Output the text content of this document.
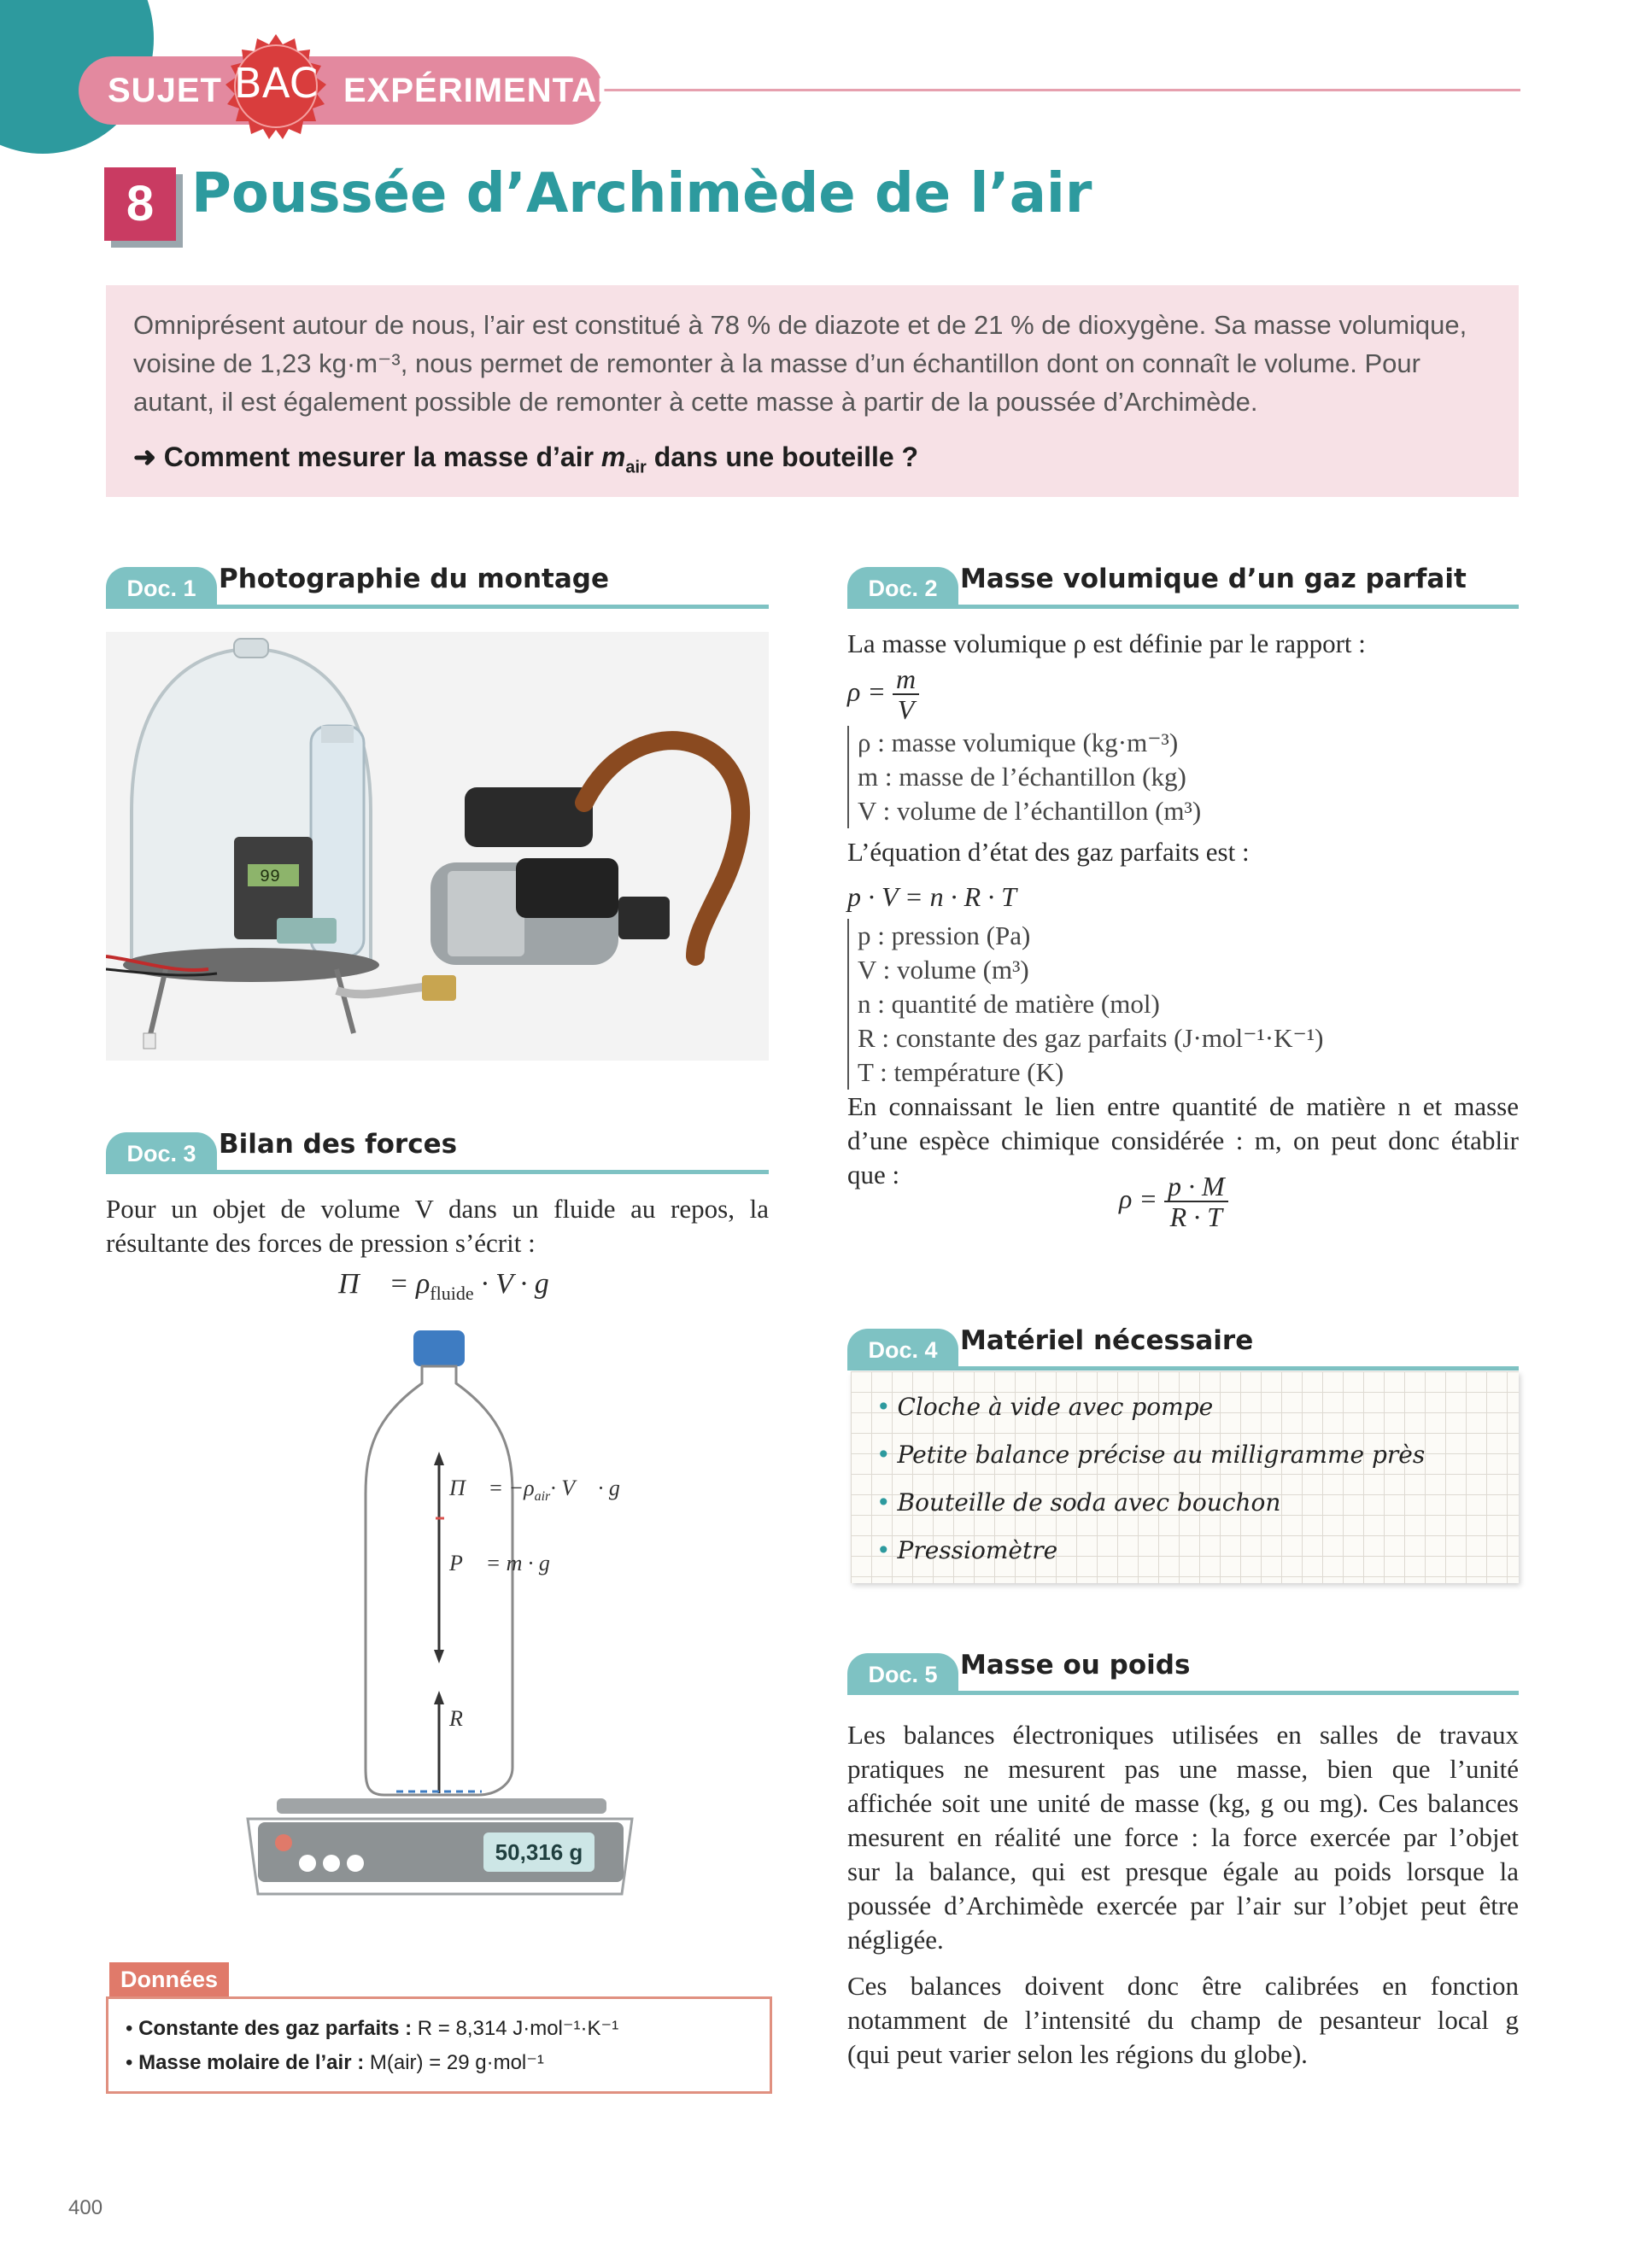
SUJET	EXPÉRIMENTAL
BAC
8 Poussée d’Archimède de l’air

Omniprésent autour de nous, l’air est constitué à 78 % de diazote et de 21 % de dioxygène. Sa masse volumique,

voisine de 1,23 kg·m⁻³, nous permet de remonter à la masse d’un échantillon dont on connaît le volume. Pour

autant, il est également possible de remonter à cette masse à partir de la poussée d’Archimède.

➜ Comment mesurer la masse d’air $m_{air}$ dans une bouteille ?
Doc. 1 Photographie du montage
99
Doc. 3 Bilan des forces

Pour un objet de volume V dans un fluide au repos, la

résultante des forces de pression s’écrit :

Π⃗ = $\rho_{fluide} \cdot V$ · g⃗
Π⃗ = $-\rho_{air}\cdot$ V⃗ · g
P⃗ = m · g⃗
R⃗
50,316 g
Données
• Constante des gaz parfaits : R = 8,314 J·mol⁻¹·K⁻¹
• Masse molaire de l’air : M(air) = 29 g·mol⁻¹
Doc. 2 Masse volumique d’un gaz parfait

La masse volumique ρ est définie par le rapport :

$\rho = \frac{m}{V}$
ρ : masse volumique (kg·m⁻³)
m : masse de l’échantillon (kg)
V : volume de l’échantillon (m³)

L’équation d’état des gaz parfaits est :

p · V = n · R · T

p : pression (Pa)
V : volume (m³)
n : quantité de matière (mol)
R : constante des gaz parfaits (J·mol⁻¹·K⁻¹)
T : température (K)

En connaissant le lien entre quantité de matière n et masse

d’une espèce chimique considérée : m, on peut donc établir

que :

$\rho = \frac{p \cdot M}{R \cdot T}$
Doc. 4 Matériel nécessaire
• Cloche à vide avec pompe
• Petite balance précise au milligramme près
• Bouteille de soda avec bouchon
• Pressiomètre
Doc. 5 Masse ou poids

Les balances électroniques utilisées en salles de travaux

pratiques ne mesurent pas une masse, bien que l’unité

affichée soit une unité de masse (kg, g ou mg). Ces balances

mesurent en réalité une force : la force exercée par l’objet

sur la balance, qui est presque égale au poids lorsque la

poussée d’Archimède exercée par l’air sur l’objet peut être

négligée.

Ces balances doivent donc être calibrées en fonction

notamment de l’intensité du champ de pesanteur local g

(qui peut varier selon les régions du globe).

400
